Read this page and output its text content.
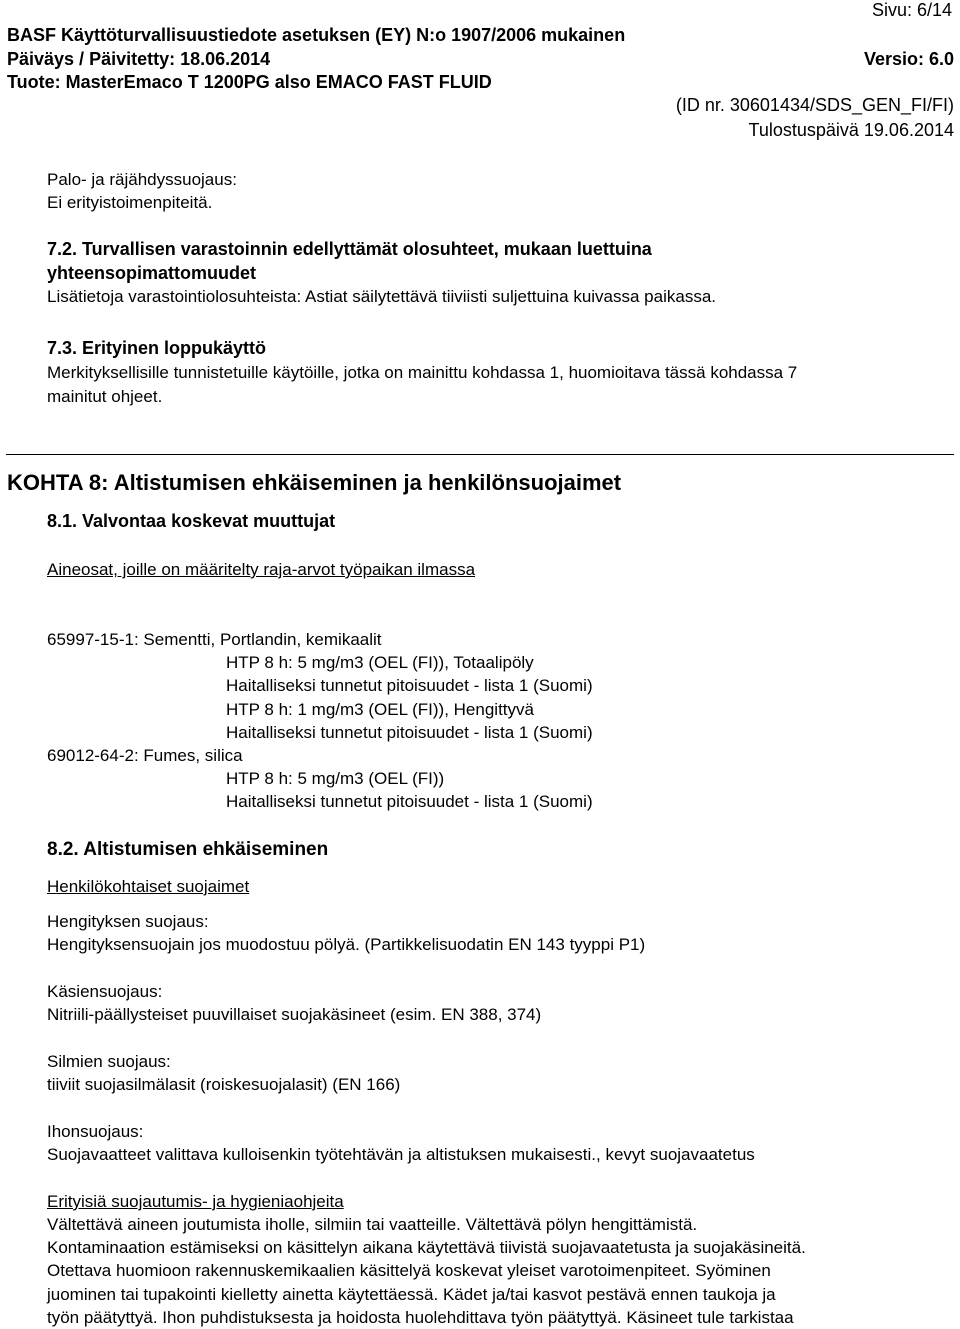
Sivu: 6/14
BASF Käyttöturvallisuustiedote asetuksen (EY) N:o 1907/2006 mukainen
Päiväys / Päivitetty: 18.06.2014	Versio: 6.0
Tuote: MasterEmaco T 1200PG also EMACO FAST FLUID
(ID nr. 30601434/SDS_GEN_FI/FI)
Tulostuspäivä 19.06.2014
Palo- ja räjähdyssuojaus:
Ei erityistoimenpiteitä.
7.2. Turvallisen varastoinnin edellyttämät olosuhteet, mukaan luettuina
yhteensopimattomuudet
Lisätietoja varastointiolosuhteista: Astiat säilytettävä tiiviisti suljettuina kuivassa paikassa.
7.3. Erityinen loppukäyttö
Merkityksellisille tunnistetuille käytöille, jotka on mainittu kohdassa 1, huomioitava tässä kohdassa 7
mainitut ohjeet.
KOHTA 8: Altistumisen ehkäiseminen ja henkilönsuojaimet
8.1. Valvontaa koskevat muuttujat
Aineosat, joille on määritelty raja-arvot työpaikan ilmassa
65997-15-1: Sementti, Portlandin, kemikaalit
HTP 8 h: 5 mg/m3 (OEL (FI)), Totaalipöly
Haitalliseksi tunnetut pitoisuudet - lista 1 (Suomi)
HTP 8 h: 1 mg/m3 (OEL (FI)), Hengittyvä
Haitalliseksi tunnetut pitoisuudet - lista 1 (Suomi)
69012-64-2: Fumes, silica
HTP 8 h: 5 mg/m3 (OEL (FI))
Haitalliseksi tunnetut pitoisuudet - lista 1 (Suomi)
8.2. Altistumisen ehkäiseminen
Henkilökohtaiset suojaimet
Hengityksen suojaus:
Hengityksensuojain jos muodostuu pölyä. (Partikkelisuodatin EN 143 tyyppi P1)
Käsiensuojaus:
Nitriili-päällysteiset puuvillaiset suojakäsineet (esim. EN 388, 374)
Silmien suojaus:
tiiviit suojasilmälasit (roiskesuojalasit) (EN 166)
Ihonsuojaus:
Suojavaatteet valittava kulloisenkin työtehtävän ja altistuksen mukaisesti., kevyt suojavaatetus
Erityisiä suojautumis- ja hygieniaohjeita
Vältettävä aineen joutumista iholle, silmiin tai vaatteille. Vältettävä pölyn hengittämistä.
Kontaminaation estämiseksi on käsittelyn aikana käytettävä tiivistä suojavaatetusta ja suojakäsineitä.
Otettava huomioon rakennuskemikaalien käsittelyä koskevat yleiset varotoimenpiteet. Syöminen
juominen tai tupakointi kielletty ainetta käytettäessä. Kädet ja/tai kasvot pestävä ennen taukoja ja
työn päätyttyä. Ihon puhdistuksesta ja hoidosta huolehdittava työn päätyttyä. Käsineet tule tarkistaa
